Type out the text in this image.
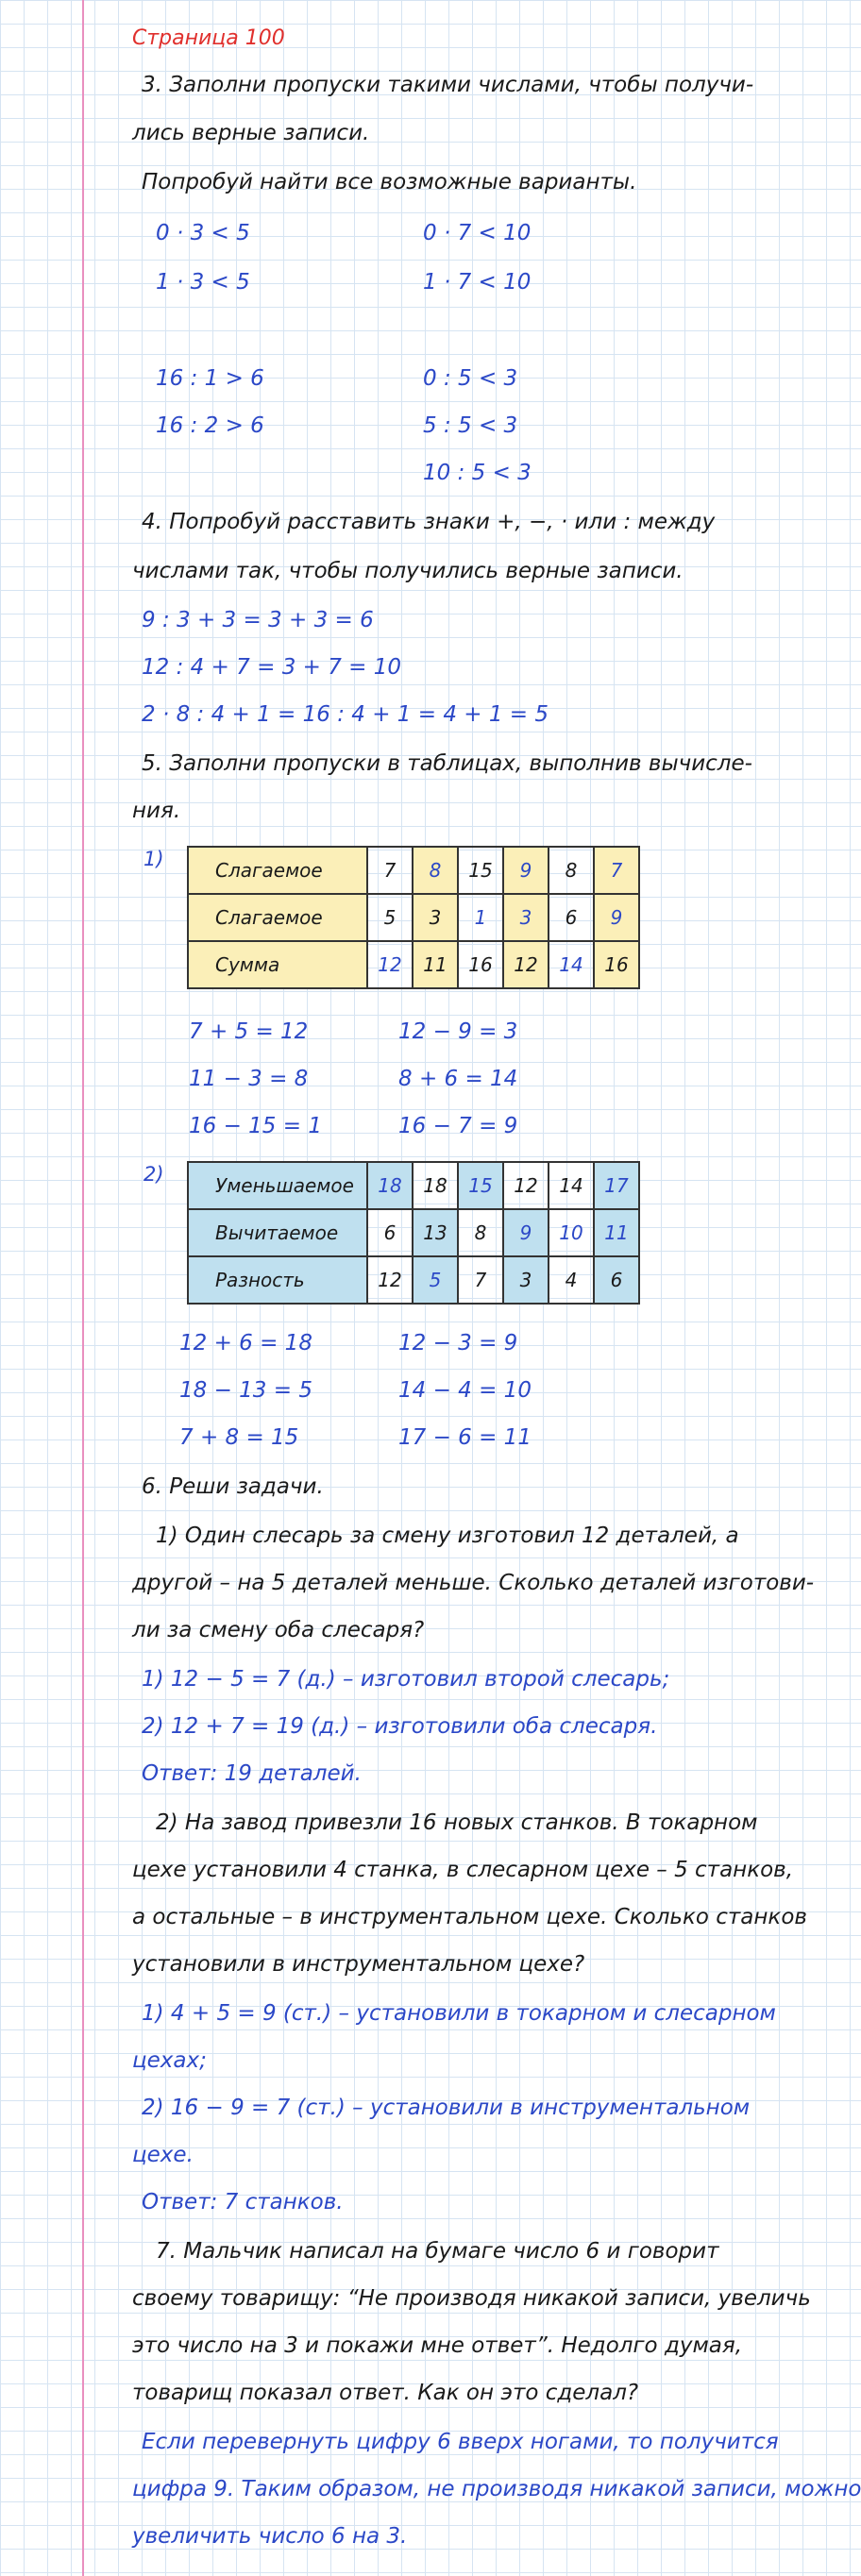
Страница 100
3. Заполни пропуски такими числами, чтобы получи-
лись верные записи.
Попробуй найти все возможные варианты.
0 · 3 < 5
1 · 3 < 5
16 : 1 > 6
16 : 2 > 6
0 · 7 < 10
1 · 7 < 10
0 : 5 < 3
5 : 5 < 3
10 : 5 < 3
4. Попробуй расставить знаки +, −, · или : между
числами так, чтобы получились верные записи.
9 : 3 + 3 = 3 + 3 = 6
12 : 4 + 7 = 3 + 7 = 10
2 · 8 : 4 + 1 = 16 : 4 + 1 = 4 + 1 = 5
5. Заполни пропуски в таблицах, выполнив вычисле-
ния.
1)	Слагаемое	7	8	15	9	8	7
Слагаемое	5	3	1	3	6	9
Сумма	12	11	16	12	14	16
7 + 5 = 12
11 − 3 = 8
16 − 15 = 1
12 − 9 = 3
8 + 6 = 14
16 − 7 = 9
2)	Уменьшаемое	18	18	15	12	14	17
Вычитаемое	6	13	8	9	10	11
Разность	12	5	7	3	4	6
12 + 6 = 18
18 − 13 = 5
7 + 8 = 15
12 − 3 = 9
14 − 4 = 10
17 − 6 = 11
6. Реши задачи.
1) Один слесарь за смену изготовил 12 деталей, а
другой – на 5 деталей меньше. Сколько деталей изготови-
ли за смену оба слесаря?
1) 12 − 5 = 7 (д.) – изготовил второй слесарь;
2) 12 + 7 = 19 (д.) – изготовили оба слесаря.
Ответ: 19 деталей.
2) На завод привезли 16 новых станков. В токарном
цехе установили 4 станка, в слесарном цехе – 5 станков,
а остальные – в инструментальном цехе. Сколько станков
установили в инструментальном цехе?
1) 4 + 5 = 9 (ст.) – установили в токарном и слесарном
цехах;
2) 16 − 9 = 7 (ст.) – установили в инструментальном
цехе.
Ответ: 7 станков.
7. Мальчик написал на бумаге число 6 и говорит
своему товарищу: “Не производя никакой записи, увеличь
это число на 3 и покажи мне ответ”. Недолго думая,
товарищ показал ответ. Как он это сделал?
Если перевернуть цифру 6 вверх ногами, то получится
цифра 9. Таким образом, не производя никакой записи, можно
увеличить число 6 на 3.
